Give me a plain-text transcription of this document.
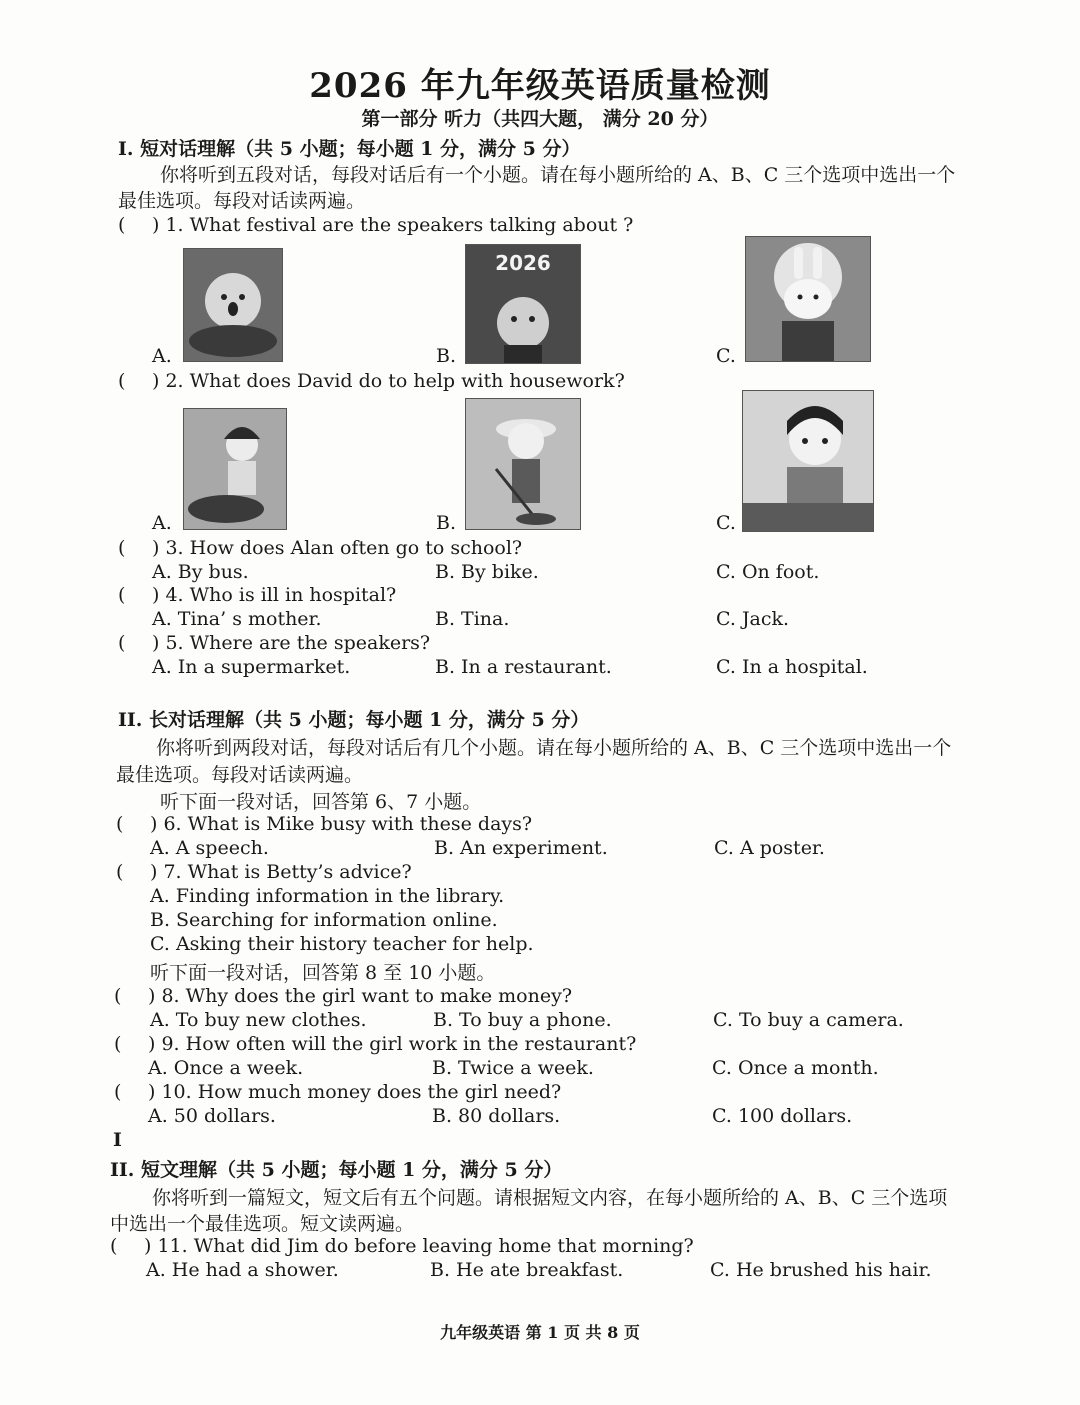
2026 年九年级英语质量检测
第一部分 听力（共四大题， 满分 20 分）
I. 短对话理解（共 5 小题；每小题 1 分，满分 5 分）
你将听到五段对话，每段对话后有一个小题。请在每小题所给的 A、B、C 三个选项中选出一个
最佳选项。每段对话读两遍。
( ) 1. What festival are the speakers talking about ?
A.	B.
2026
C.
( ) 2. What does David do to help with housework?
A.	B.	C.
( ) 3. How does Alan often go to school?
A. By bus.	B. By bike.	C. On foot.
( ) 4. Who is ill in hospital?
A. Tina’ s mother.	B. Tina.	C. Jack.
( ) 5. Where are the speakers?
A. In a supermarket.	B. In a restaurant.	C. In a hospital.
II. 长对话理解（共 5 小题；每小题 1 分，满分 5 分）
你将听到两段对话，每段对话后有几个小题。请在每小题所给的 A、B、C 三个选项中选出一个
最佳选项。每段对话读两遍。
听下面一段对话，回答第 6、7 小题。
( ) 6. What is Mike busy with these days?
A. A speech.	B. An experiment.	C. A poster.
( ) 7. What is Betty’s advice?
A. Finding information in the library.
B. Searching for information online.
C. Asking their history teacher for help.
听下面一段对话，回答第 8 至 10 小题。
( ) 8. Why does the girl want to make money?
A. To buy new clothes.	B. To buy a phone.	C. To buy a camera.
( ) 9. How often will the girl work in the restaurant?
A. Once a week.	B. Twice a week.	C. Once a month.
( ) 10. How much money does the girl need?
A. 50 dollars.	B. 80 dollars.	C. 100 dollars.
I
II. 短文理解（共 5 小题；每小题 1 分，满分 5 分）
你将听到一篇短文，短文后有五个问题。请根据短文内容，在每小题所给的 A、B、C 三个选项
中选出一个最佳选项。短文读两遍。
( ) 11. What did Jim do before leaving home that morning?
A. He had a shower.	B. He ate breakfast.	C. He brushed his hair.
九年级英语 第 1 页 共 8 页
